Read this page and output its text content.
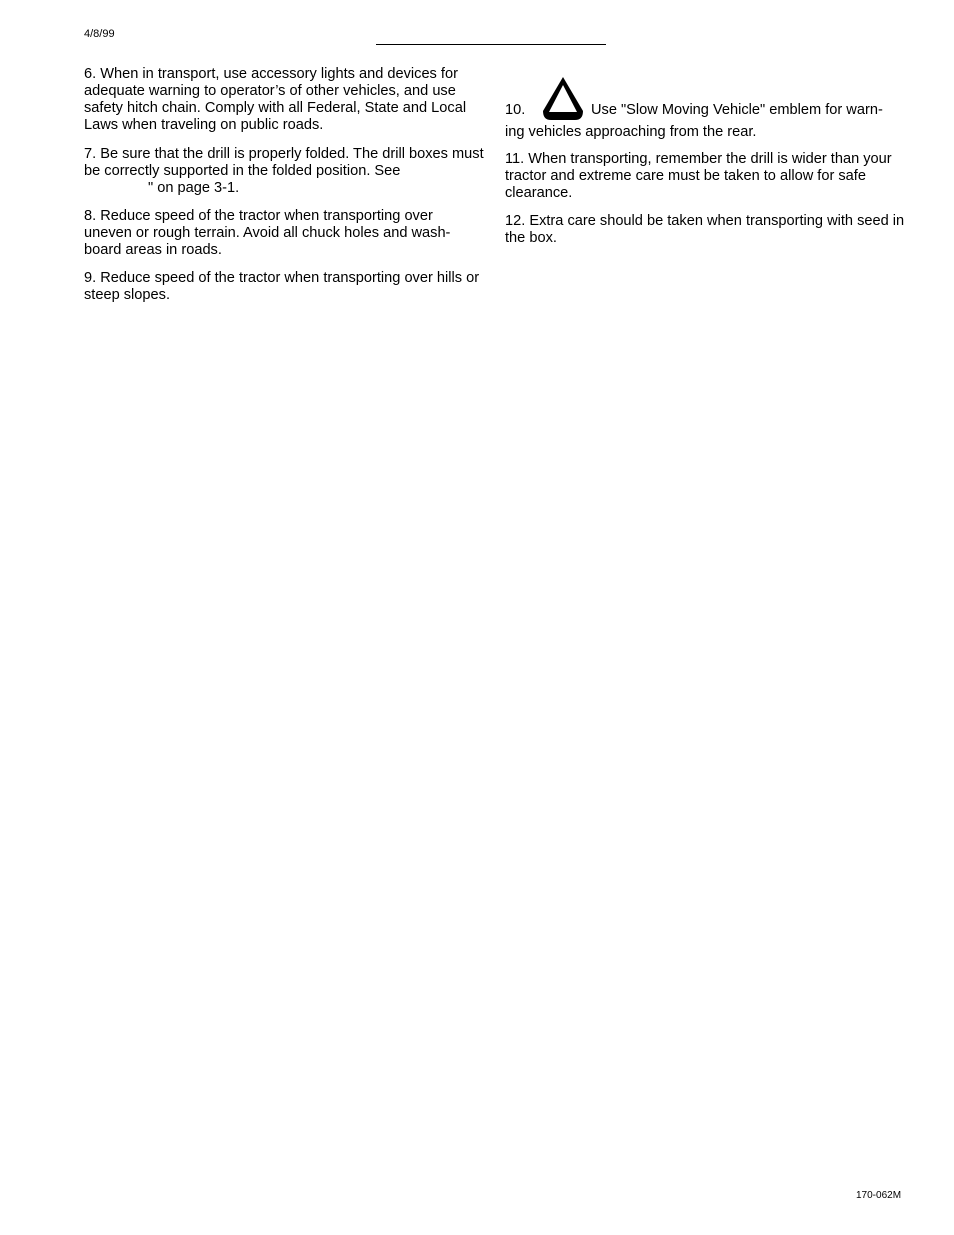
4/8/99

6. When in transport, use accessory lights and devices for adequate warning to operator’s of other vehicles, and use safety hitch chain. Comply with all Federal, State and Local Laws when traveling on public roads.

7. Be sure that the drill is properly folded. The drill boxes must be correctly supported in the folded position. See

" on page 3-1.

8. Reduce speed of the tractor when transporting over uneven or rough terrain. Avoid all chuck holes and wash-board areas in roads.

9. Reduce speed of the tractor when transporting over hills or steep slopes.

10.	Use "Slow Moving Vehicle" emblem for warn-

ing vehicles approaching from the rear.

11. When transporting, remember the drill is wider than your tractor and extreme care must be taken to allow for safe clearance.

12. Extra care should be taken when transporting with seed in the box.

170-062M
